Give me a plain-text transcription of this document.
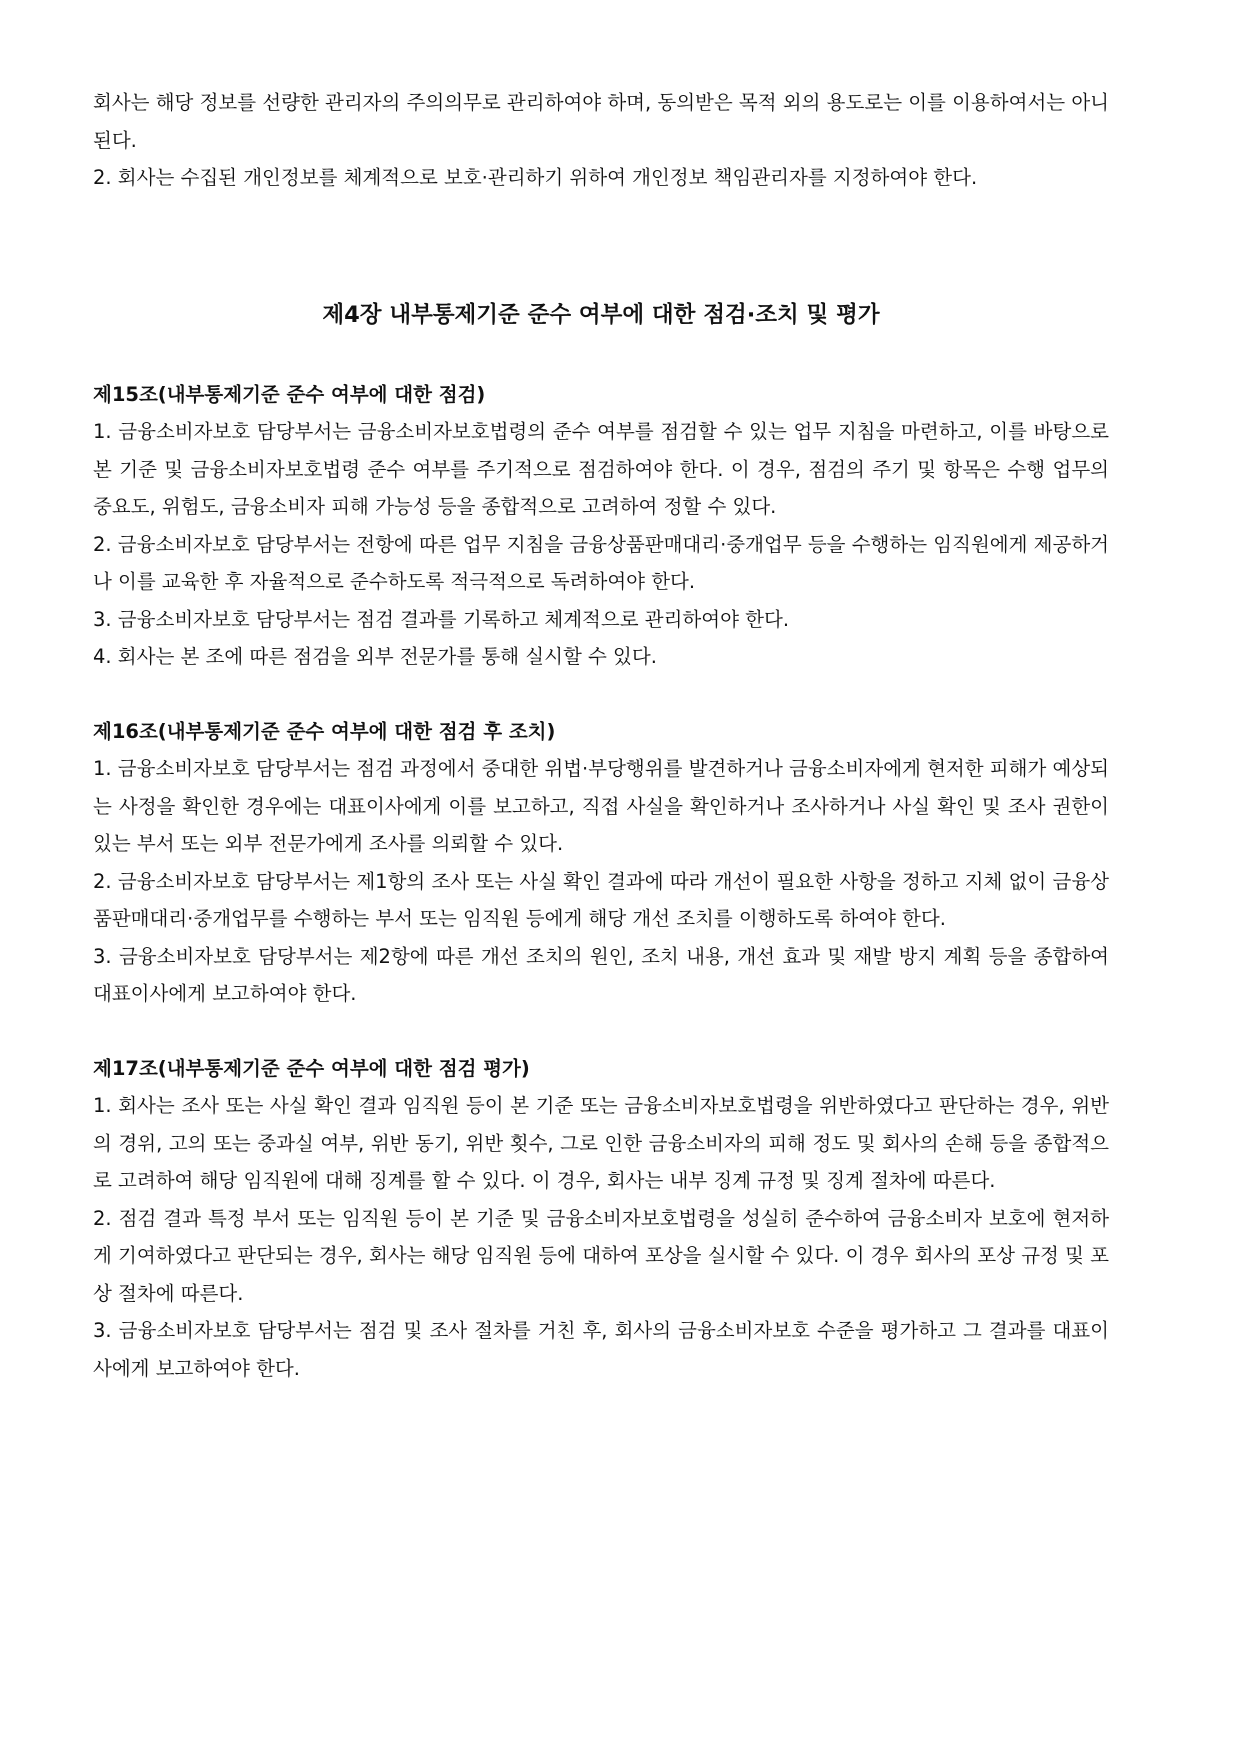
회사는 해당 정보를 선량한 관리자의 주의의무로 관리하여야 하며, 동의받은 목적 외의 용도로는 이를 이용하여서는 아니 된다.

2. 회사는 수집된 개인정보를 체계적으로 보호·관리하기 위하여 개인정보 책임관리자를 지정하여야 한다.

제4장 내부통제기준 준수 여부에 대한 점검·조치 및 평가
제15조(내부통제기준 준수 여부에 대한 점검)

1. 금융소비자보호 담당부서는 금융소비자보호법령의 준수 여부를 점검할 수 있는 업무 지침을 마련하고, 이를 바탕으로 본 기준 및 금융소비자보호법령 준수 여부를 주기적으로 점검하여야 한다. 이 경우, 점검의 주기 및 항목은 수행 업무의 중요도, 위험도, 금융소비자 피해 가능성 등을 종합적으로 고려하여 정할 수 있다.

2. 금융소비자보호 담당부서는 전항에 따른 업무 지침을 금융상품판매대리·중개업무 등을 수행하는 임직원에게 제공하거나 이를 교육한 후 자율적으로 준수하도록 적극적으로 독려하여야 한다.

3. 금융소비자보호 담당부서는 점검 결과를 기록하고 체계적으로 관리하여야 한다.

4. 회사는 본 조에 따른 점검을 외부 전문가를 통해 실시할 수 있다.

제16조(내부통제기준 준수 여부에 대한 점검 후 조치)

1. 금융소비자보호 담당부서는 점검 과정에서 중대한 위법·부당행위를 발견하거나 금융소비자에게 현저한 피해가 예상되는 사정을 확인한 경우에는 대표이사에게 이를 보고하고, 직접 사실을 확인하거나 조사하거나 사실 확인 및 조사 권한이 있는 부서 또는 외부 전문가에게 조사를 의뢰할 수 있다.

2. 금융소비자보호 담당부서는 제1항의 조사 또는 사실 확인 결과에 따라 개선이 필요한 사항을 정하고 지체 없이 금융상품판매대리·중개업무를 수행하는 부서 또는 임직원 등에게 해당 개선 조치를 이행하도록 하여야 한다.

3. 금융소비자보호 담당부서는 제2항에 따른 개선 조치의 원인, 조치 내용, 개선 효과 및 재발 방지 계획 등을 종합하여 대표이사에게 보고하여야 한다.

제17조(내부통제기준 준수 여부에 대한 점검 평가)

1. 회사는 조사 또는 사실 확인 결과 임직원 등이 본 기준 또는 금융소비자보호법령을 위반하였다고 판단하는 경우, 위반의 경위, 고의 또는 중과실 여부, 위반 동기, 위반 횟수, 그로 인한 금융소비자의 피해 정도 및 회사의 손해 등을 종합적으로 고려하여 해당 임직원에 대해 징계를 할 수 있다. 이 경우, 회사는 내부 징계 규정 및 징계 절차에 따른다.

2. 점검 결과 특정 부서 또는 임직원 등이 본 기준 및 금융소비자보호법령을 성실히 준수하여 금융소비자 보호에 현저하게 기여하였다고 판단되는 경우, 회사는 해당 임직원 등에 대하여 포상을 실시할 수 있다. 이 경우 회사의 포상 규정 및 포상 절차에 따른다.

3. 금융소비자보호 담당부서는 점검 및 조사 절차를 거친 후, 회사의 금융소비자보호 수준을 평가하고 그 결과를 대표이사에게 보고하여야 한다.
